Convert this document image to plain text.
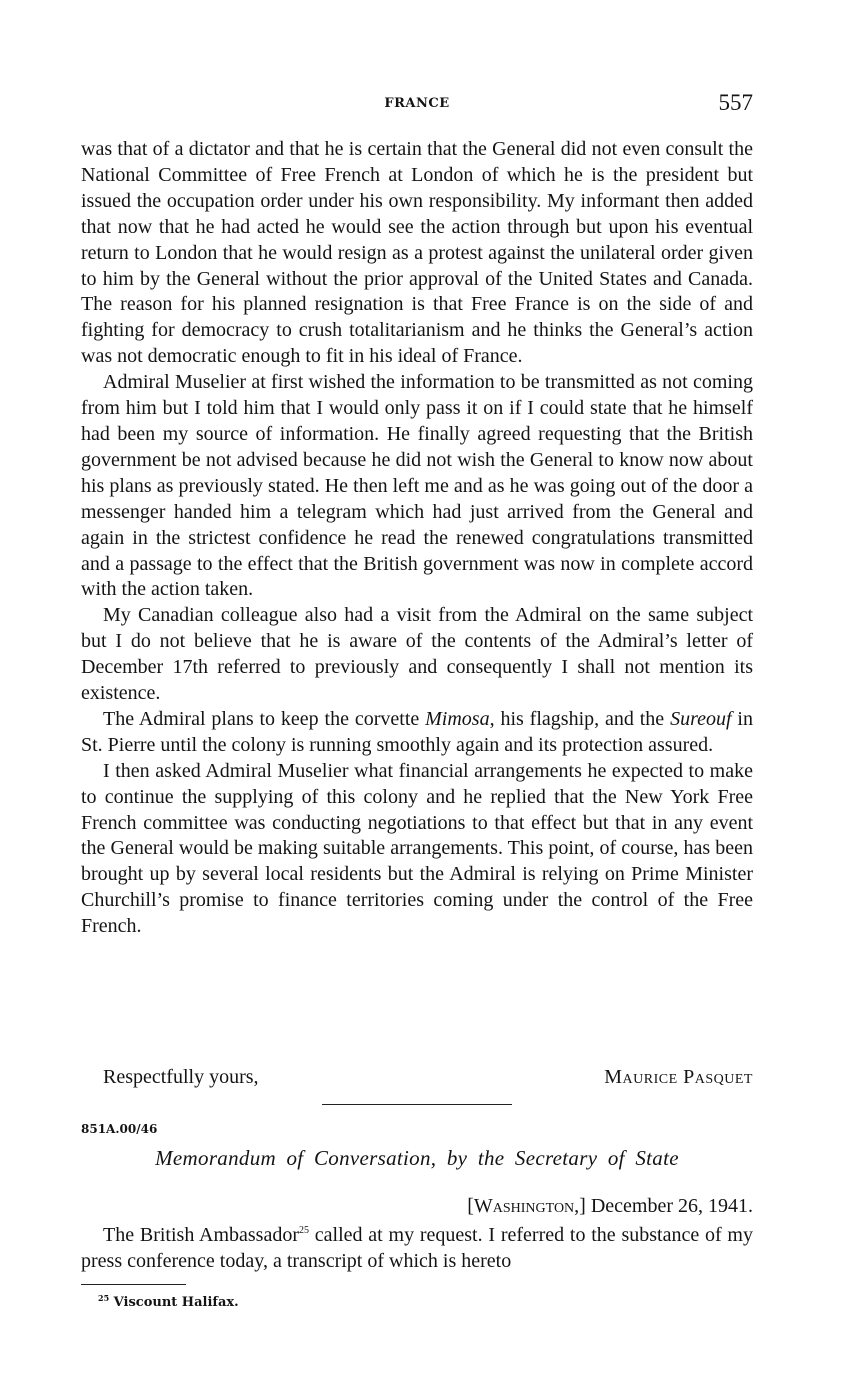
FRANCE	557

was that of a dictator and that he is certain that the General did not even consult the National Committee of Free French at London of which he is the president but issued the occupation order under his own responsibility. My informant then added that now that he had acted he would see the action through but upon his eventual return to London that he would resign as a protest against the unilateral order given to him by the General without the prior approval of the United States and Canada. The reason for his planned resignation is that Free France is on the side of and fighting for democracy to crush totalitarianism and he thinks the General’s action was not democratic enough to fit in his ideal of France.

Admiral Muselier at first wished the information to be transmitted as not coming from him but I told him that I would only pass it on if I could state that he himself had been my source of information. He finally agreed requesting that the British government be not advised because he did not wish the General to know now about his plans as previously stated. He then left me and as he was going out of the door a messenger handed him a telegram which had just arrived from the General and again in the strictest confidence he read the renewed congratulations transmitted and a passage to the effect that the British government was now in complete accord with the action taken.

My Canadian colleague also had a visit from the Admiral on the same subject but I do not believe that he is aware of the contents of the Admiral’s letter of December 17th referred to previously and consequently I shall not mention its existence.

The Admiral plans to keep the corvette Mimosa, his flagship, and the Sureouf in St. Pierre until the colony is running smoothly again and its protection assured.

I then asked Admiral Muselier what financial arrangements he expected to make to continue the supplying of this colony and he replied that the New York Free French committee was conducting negotiations to that effect but that in any event the General would be making suitable arrangements. This point, of course, has been brought up by several local residents but the Admiral is relying on Prime Minister Churchill’s promise to finance territories coming under the control of the Free French.

Respectfully yours,	Maurice Pasquet
851A.00/46
Memorandum of Conversation, by the Secretary of State
[Washington,] December 26, 1941.

The British Ambassador$^{25}$ called at my request. I referred to the substance of my press conference today, a transcript of which is hereto

$^{25}$ Viscount Halifax.
